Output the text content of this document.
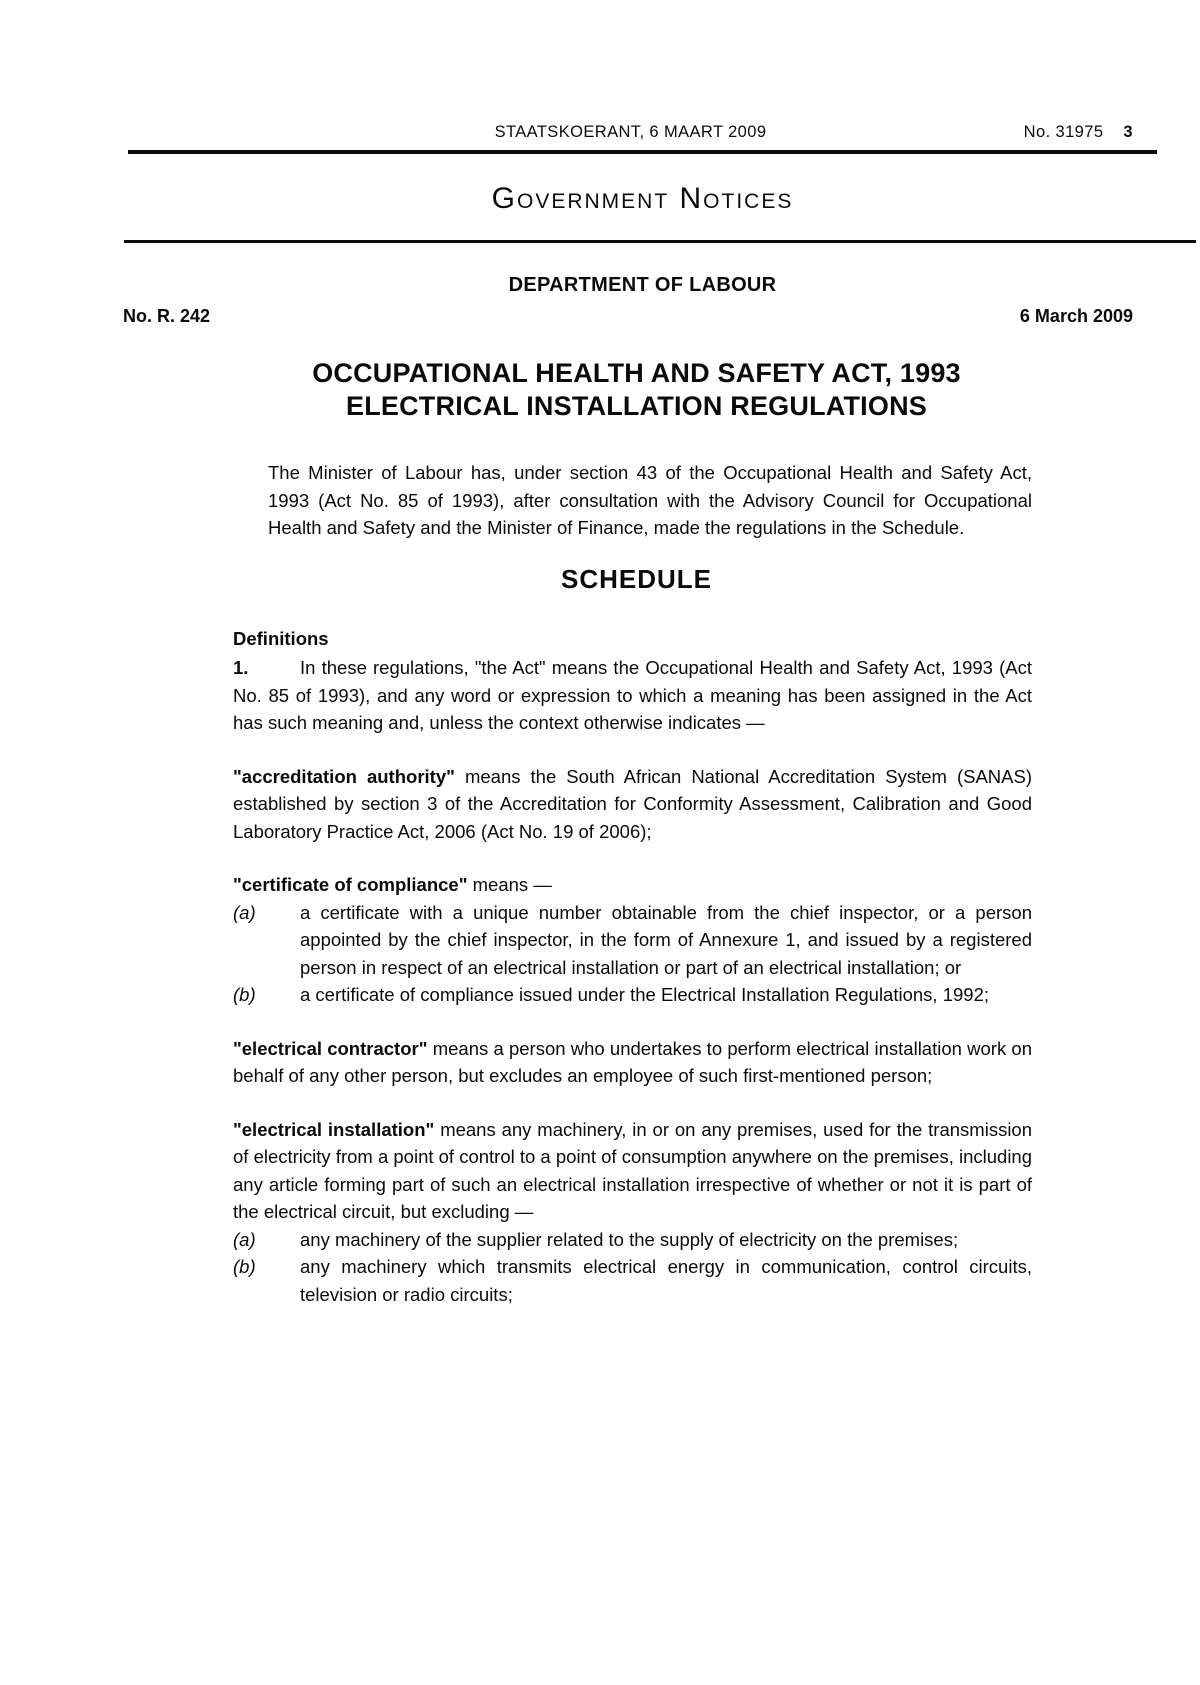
STAATSKOERANT, 6 MAART 2009	No. 31975 3
Government Notices
DEPARTMENT OF LABOUR
No. R. 242	6 March 2009
OCCUPATIONAL HEALTH AND SAFETY ACT, 1993
ELECTRICAL INSTALLATION REGULATIONS

The Minister of Labour has, under section 43 of the Occupational Health and Safety Act, 1993 (Act No. 85 of 1993), after consultation with the Advisory Council for Occupational Health and Safety and the Minister of Finance, made the regulations in the Schedule.

SCHEDULE
Definitions

1.	In these regulations, "the Act" means the Occupational Health and Safety Act, 1993 (Act No. 85 of 1993), and any word or expression to which a meaning has been assigned in the Act has such meaning and, unless the context otherwise indicates —

"accreditation authority" means the South African National Accreditation System (SANAS) established by section 3 of the Accreditation for Conformity Assessment, Calibration and Good Laboratory Practice Act, 2006 (Act No. 19 of 2006);

"certificate of compliance" means —

(a) a certificate with a unique number obtainable from the chief inspector, or a person appointed by the chief inspector, in the form of Annexure 1, and issued by a registered person in respect of an electrical installation or part of an electrical installation; or
(b) a certificate of compliance issued under the Electrical Installation Regulations, 1992;

"electrical contractor" means a person who undertakes to perform electrical installation work on behalf of any other person, but excludes an employee of such first-mentioned person;

"electrical installation" means any machinery, in or on any premises, used for the transmission of electricity from a point of control to a point of consumption anywhere on the premises, including any article forming part of such an electrical installation irrespective of whether or not it is part of the electrical circuit, but excluding —

(a) any machinery of the supplier related to the supply of electricity on the premises;
(b) any machinery which transmits electrical energy in communication, control circuits, television or radio circuits;
